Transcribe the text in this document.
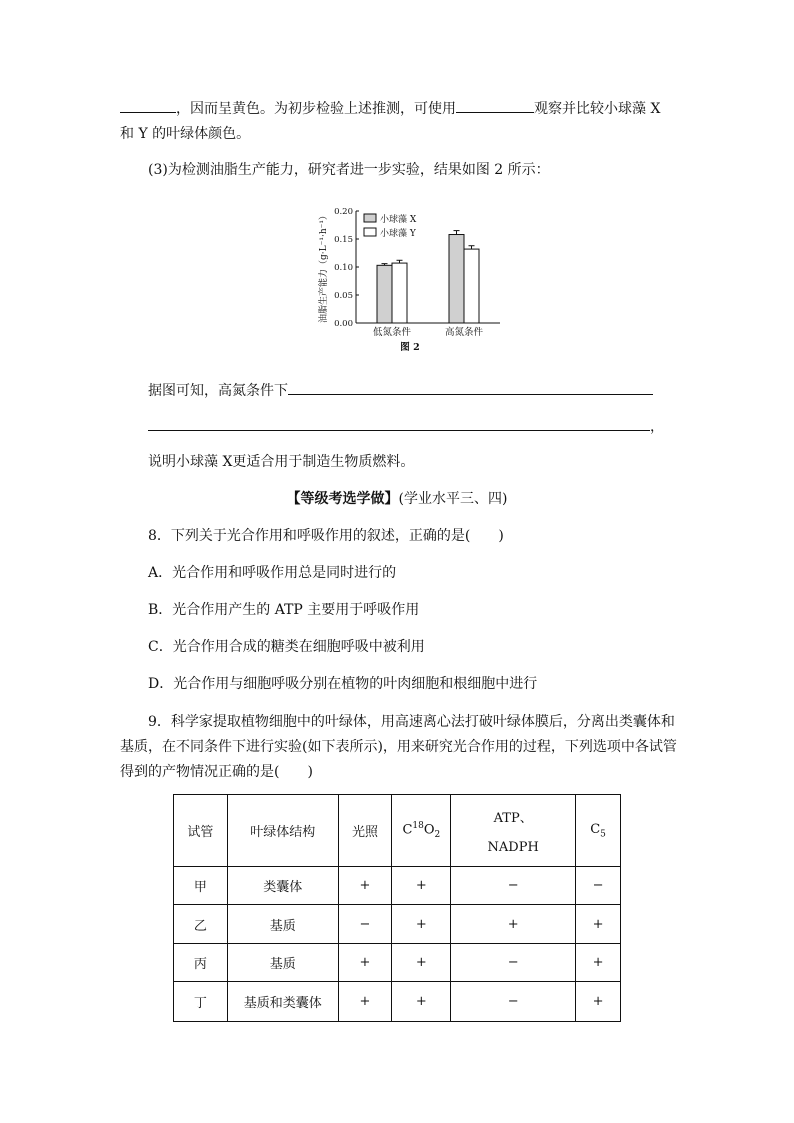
，因而呈黄色。为初步检验上述推测，可使用	观察并比较小球藻 X
和 Y 的叶绿体颜色。
(3)为检测油脂生产能力，研究者进一步实验，结果如图 2 所示：
0.00
0.05
0.10
0.15
0.20
油脂生产能力（g·L⁻¹·h⁻¹）
低氮条件	高氮条件
小球藻 X
小球藻 Y
图 2
据图可知，高氮条件下
，
说明小球藻 X更适合用于制造生物质燃料。
【等级考选学做】(学业水平三、四)
8．下列关于光合作用和呼吸作用的叙述，正确的是(　　)
A．光合作用和呼吸作用总是同时进行的
B．光合作用产生的 ATP 主要用于呼吸作用
C．光合作用合成的糖类在细胞呼吸中被利用
D．光合作用与细胞呼吸分别在植物的叶肉细胞和根细胞中进行
9．科学家提取植物细胞中的叶绿体，用高速离心法打破叶绿体膜后，分离出类囊体和
基质，在不同条件下进行实验(如下表所示)，用来研究光合作用的过程，下列选项中各试管
得到的产物情况正确的是(　　)
试管	叶绿体结构	光照	$C^{18}O_2$	ATP、
NADPH	$C_5$
甲	类囊体	+	+	−	−
乙	基质	−	+	+	+
丙	基质	+	+	−	+
丁	基质和类囊体	+	+	−	+
